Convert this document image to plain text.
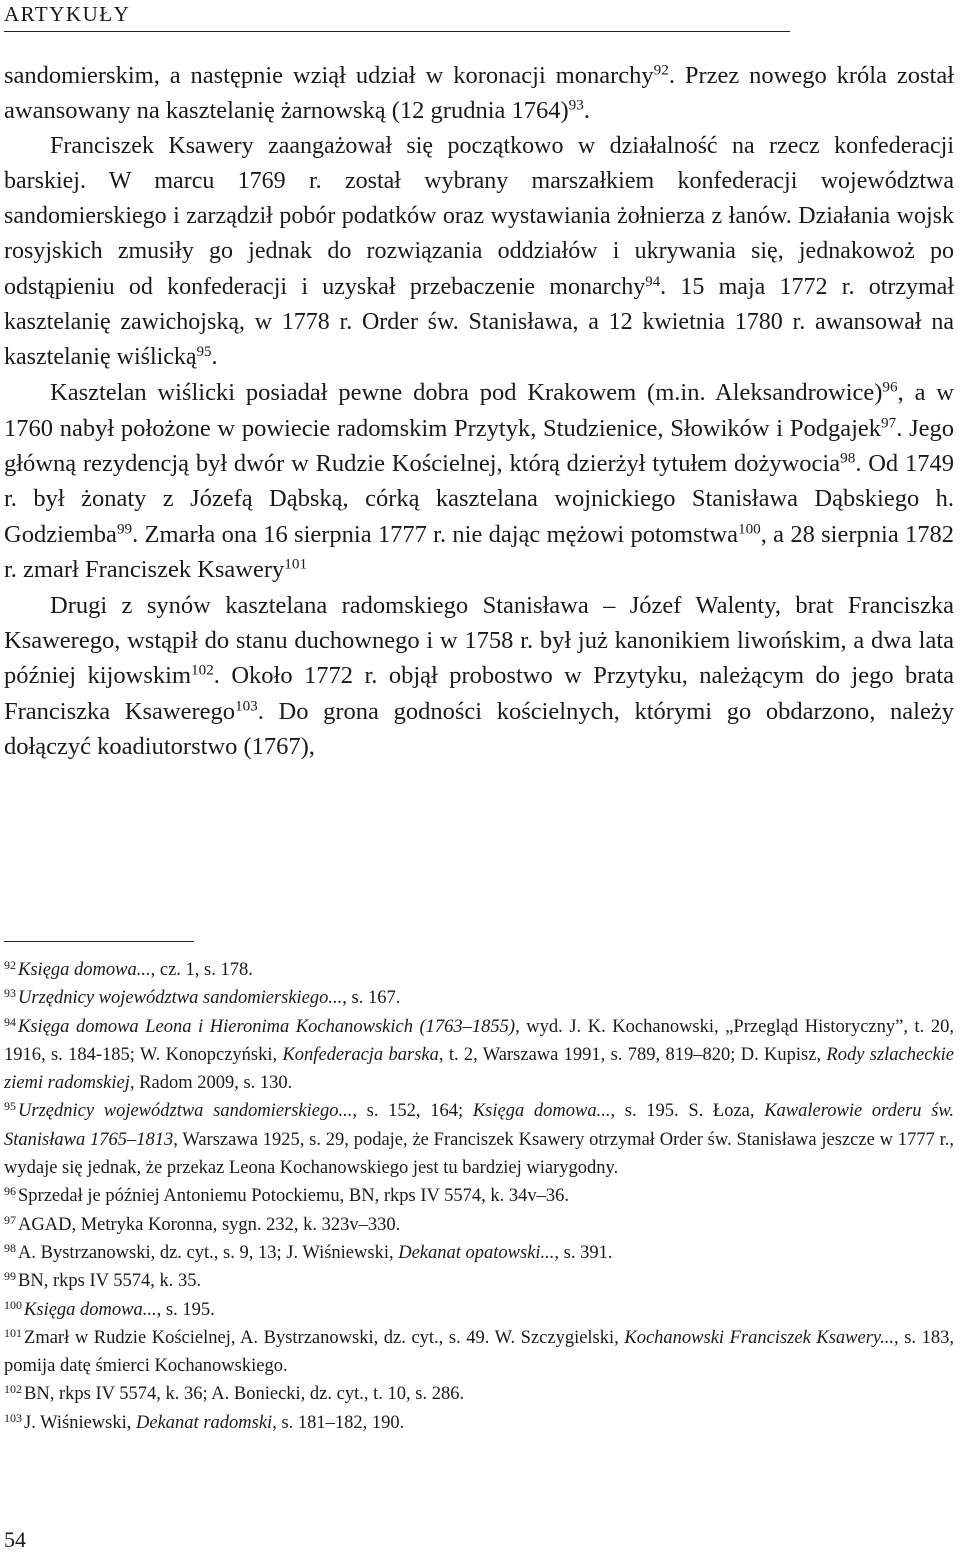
ARTYKUŁY

sandomierskim, a następnie wziął udział w koronacji monarchy$^{92}$. Przez nowego króla został awansowany na kasztelanię żarnowską (12 grudnia 1764)$^{93}$.

Franciszek Ksawery zaangażował się początkowo w działalność na rzecz konfederacji barskiej. W marcu 1769 r. został wybrany marszałkiem konfederacji województwa sandomierskiego i zarządził pobór podatków oraz wystawiania żołnierza z łanów. Działania wojsk rosyjskich zmusiły go jednak do rozwiązania oddziałów i ukrywania się, jednakowoż po odstąpieniu od konfederacji i uzyskał przebaczenie monarchy$^{94}$. 15 maja 1772 r. otrzymał kasztelanię zawichojską, w 1778 r. Order św. Stanisława, a 12 kwietnia 1780 r. awansował na kasztelanię wiślicką$^{95}$.

Kasztelan wiślicki posiadał pewne dobra pod Krakowem (m.in. Aleksandrowice)$^{96}$, a w 1760 nabył położone w powiecie radomskim Przytyk, Studzienice, Słowików i Podgajek$^{97}$. Jego główną rezydencją był dwór w Rudzie Kościelnej, którą dzierżył tytułem dożywocia$^{98}$. Od 1749 r. był żonaty z Józefą Dąbską, córką kasztelana wojnickiego Stanisława Dąbskiego h. Godziemba$^{99}$. Zmarła ona 16 sierpnia 1777 r. nie dając mężowi potomstwa$^{100}$, a 28 sierpnia 1782 r. zmarł Franciszek Ksawery$^{101}$

Drugi z synów kasztelana radomskiego Stanisława – Józef Walenty, brat Franciszka Ksawerego, wstąpił do stanu duchownego i w 1758 r. był już kanonikiem liwońskim, a dwa lata później kijowskim$^{102}$. Około 1772 r. objął probostwo w Przytyku, należącym do jego brata Franciszka Ksawerego$^{103}$. Do grona godności kościelnych, którymi go obdarzono, należy dołączyć koadiutorstwo (1767),

$^{92}$ Księga domowa..., cz. 1, s. 178.

$^{93}$ Urzędnicy województwa sandomierskiego..., s. 167.

$^{94}$ Księga domowa Leona i Hieronima Kochanowskich (1763–1855), wyd. J. K. Kochanowski, „Przegląd Historyczny”, t. 20, 1916, s. 184-185; W. Konopczyński, Konfederacja barska, t. 2, Warszawa 1991, s. 789, 819–820; D. Kupisz, Rody szlacheckie ziemi radomskiej, Radom 2009, s. 130.

$^{95}$ Urzędnicy województwa sandomierskiego..., s. 152, 164; Księga domowa..., s. 195. S. Łoza, Kawalerowie orderu św. Stanisława 1765–1813, Warszawa 1925, s. 29, podaje, że Franciszek Ksawery otrzymał Order św. Stanisława jeszcze w 1777 r., wydaje się jednak, że przekaz Leona Kochanowskiego jest tu bardziej wiarygodny.

$^{96}$ Sprzedał je później Antoniemu Potockiemu, BN, rkps IV 5574, k. 34v–36.

$^{97}$ AGAD, Metryka Koronna, sygn. 232, k. 323v–330.

$^{98}$ A. Bystrzanowski, dz. cyt., s. 9, 13; J. Wiśniewski, Dekanat opatowski..., s. 391.

$^{99}$ BN, rkps IV 5574, k. 35.

$^{100}$ Księga domowa..., s. 195.

$^{101}$ Zmarł w Rudzie Kościelnej, A. Bystrzanowski, dz. cyt., s. 49. W. Szczygielski, Kochanowski Franciszek Ksawery..., s. 183, pomija datę śmierci Kochanowskiego.

$^{102}$ BN, rkps IV 5574, k. 36; A. Boniecki, dz. cyt., t. 10, s. 286.

$^{103}$ J. Wiśniewski, Dekanat radomski, s. 181–182, 190.

54
